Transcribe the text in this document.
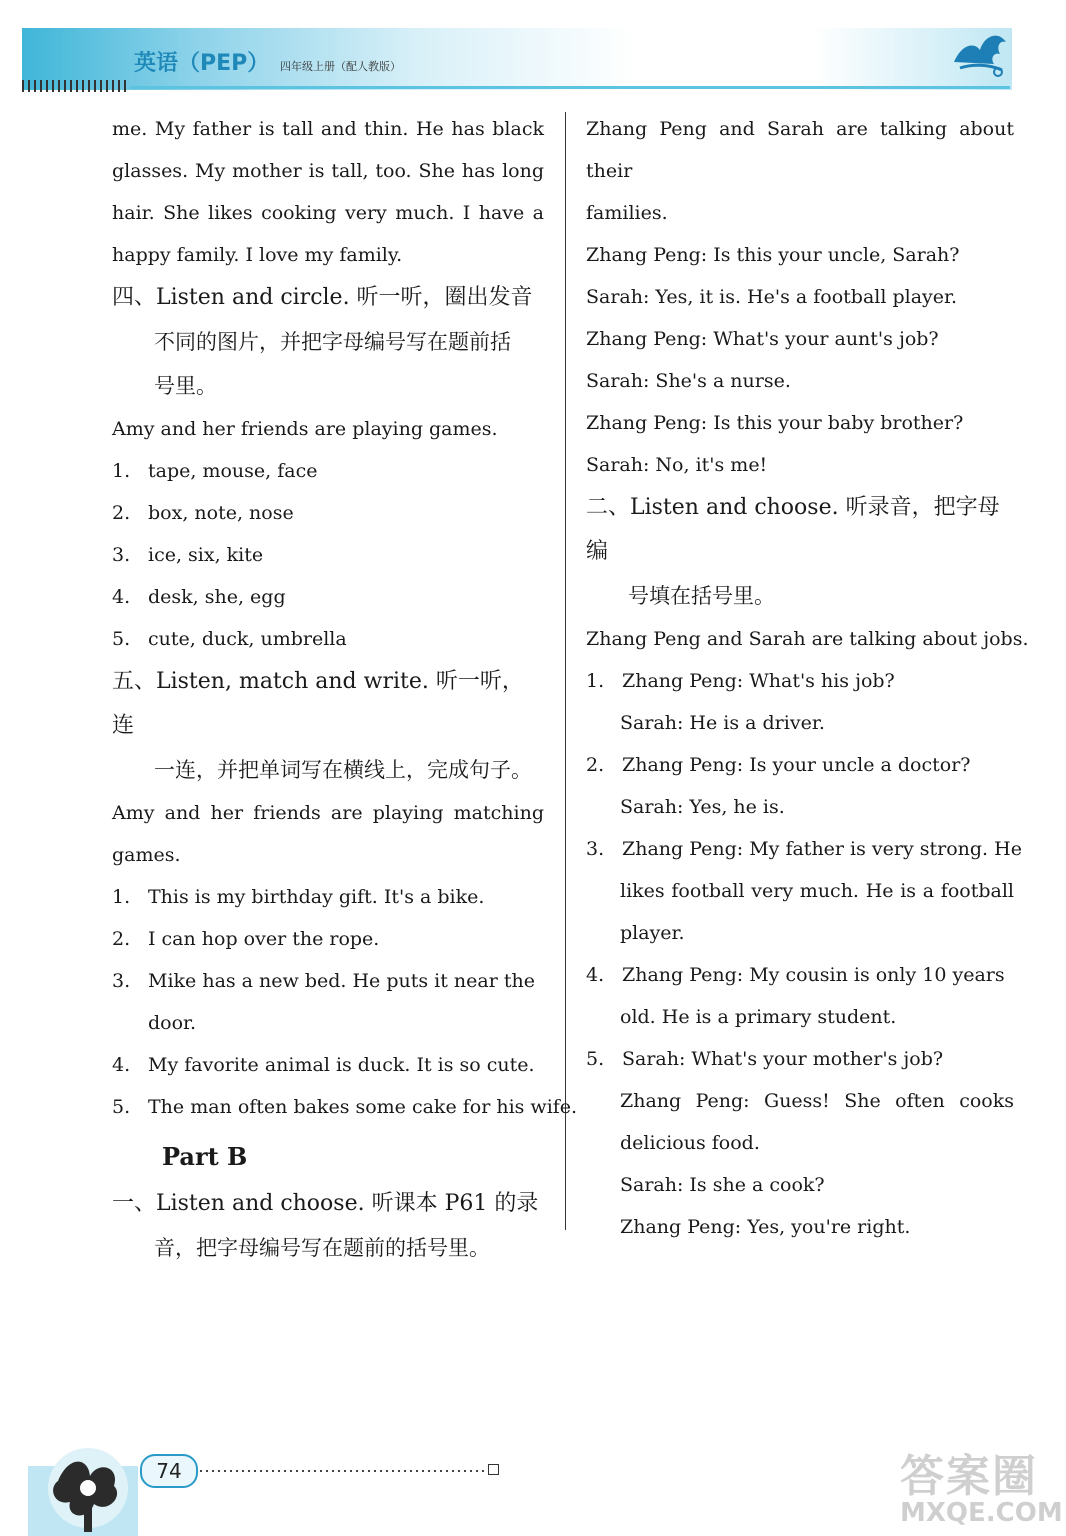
英语（PEP） 四年级上册（配人教版）
me. My father is tall and thin. He has black
glasses. My mother is tall, too. She has long
hair. She likes cooking very much. I have a
happy family. I love my family.
四、Listen and circle. 听一听，圈出发音
不同的图片，并把字母编号写在题前括
号里。
Amy and her friends are playing games.
1. tape, mouse, face
2. box, note, nose
3. ice, six, kite
4. desk, she, egg
5. cute, duck, umbrella
五、Listen, match and write. 听一听，连
一连，并把单词写在横线上，完成句子。
Amy and her friends are playing matching
games.
1. This is my birthday gift. It's a bike.
2. I can hop over the rope.
3. Mike has a new bed. He puts it near the
door.
4. My favorite animal is duck. It is so cute.
5. The man often bakes some cake for his wife.
Part B
一、Listen and choose. 听课本 P61 的录
音，把字母编号写在题前的括号里。
Zhang Peng and Sarah are talking about their
families.
Zhang Peng: Is this your uncle, Sarah?
Sarah: Yes, it is. He's a football player.
Zhang Peng: What's your aunt's job?
Sarah: She's a nurse.
Zhang Peng: Is this your baby brother?
Sarah: No, it's me!
二、Listen and choose. 听录音，把字母编
号填在括号里。
Zhang Peng and Sarah are talking about jobs.
1. Zhang Peng: What's his job?
Sarah: He is a driver.
2. Zhang Peng: Is your uncle a doctor?
Sarah: Yes, he is.
3. Zhang Peng: My father is very strong. He
likes football very much. He is a football
player.
4. Zhang Peng: My cousin is only 10 years
old. He is a primary student.
5. Sarah: What's your mother's job?
Zhang Peng: Guess! She often cooks
delicious food.
Sarah: Is she a cook?
Zhang Peng: Yes, you're right.
74	答案圈
MXQE.COM
